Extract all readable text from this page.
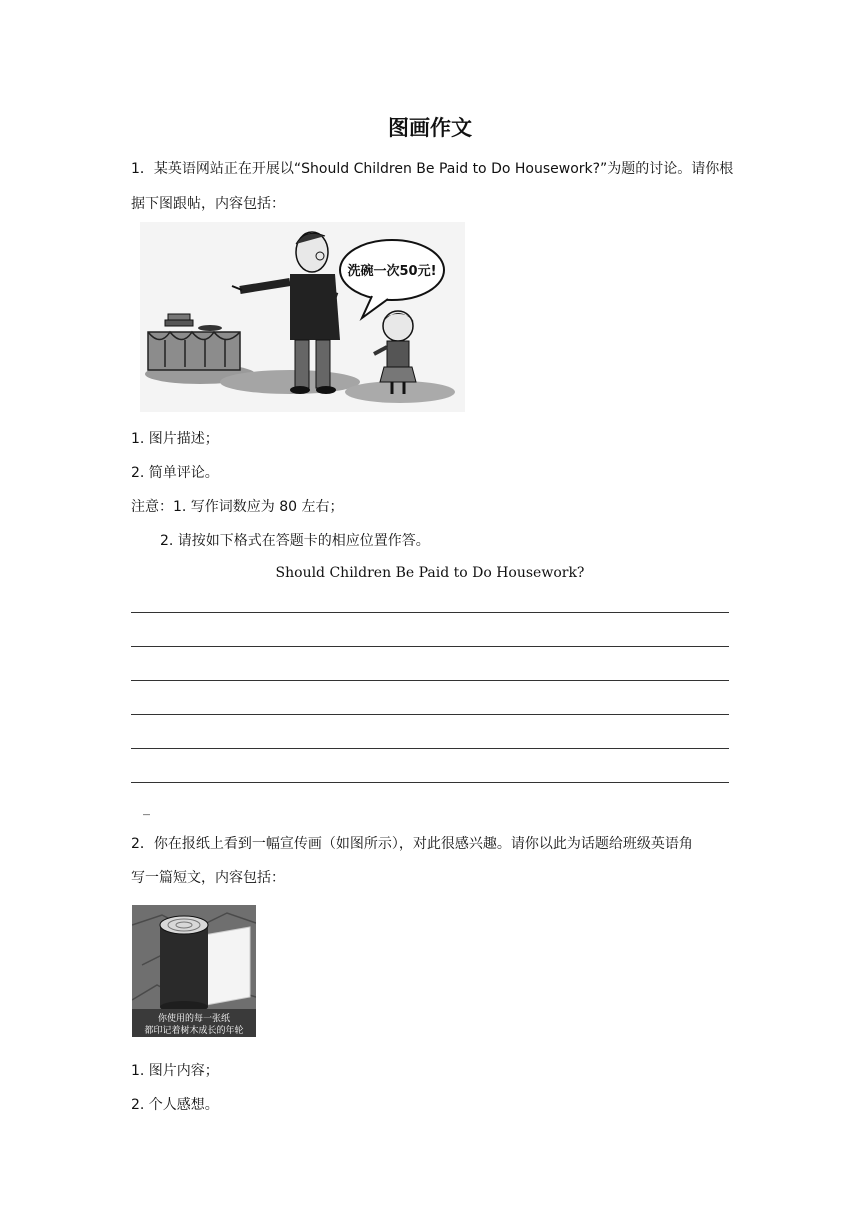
图画作文
1．某英语网站正在开展以“Should Children Be Paid to Do Housework?”为题的讨论。请你根
据下图跟帖，内容包括：
洗碗一次50元!
1. 图片描述；
2. 简单评论。
注意：1. 写作词数应为 80 左右；
2. 请按如下格式在答题卡的相应位置作答。
Should Children Be Paid to Do Housework?
_
2．你在报纸上看到一幅宣传画（如图所示），对此很感兴趣。请你以此为话题给班级英语角
写一篇短文，内容包括：
你使用的每一张纸
都印记着树木成长的年轮
1. 图片内容；
2. 个人感想。
